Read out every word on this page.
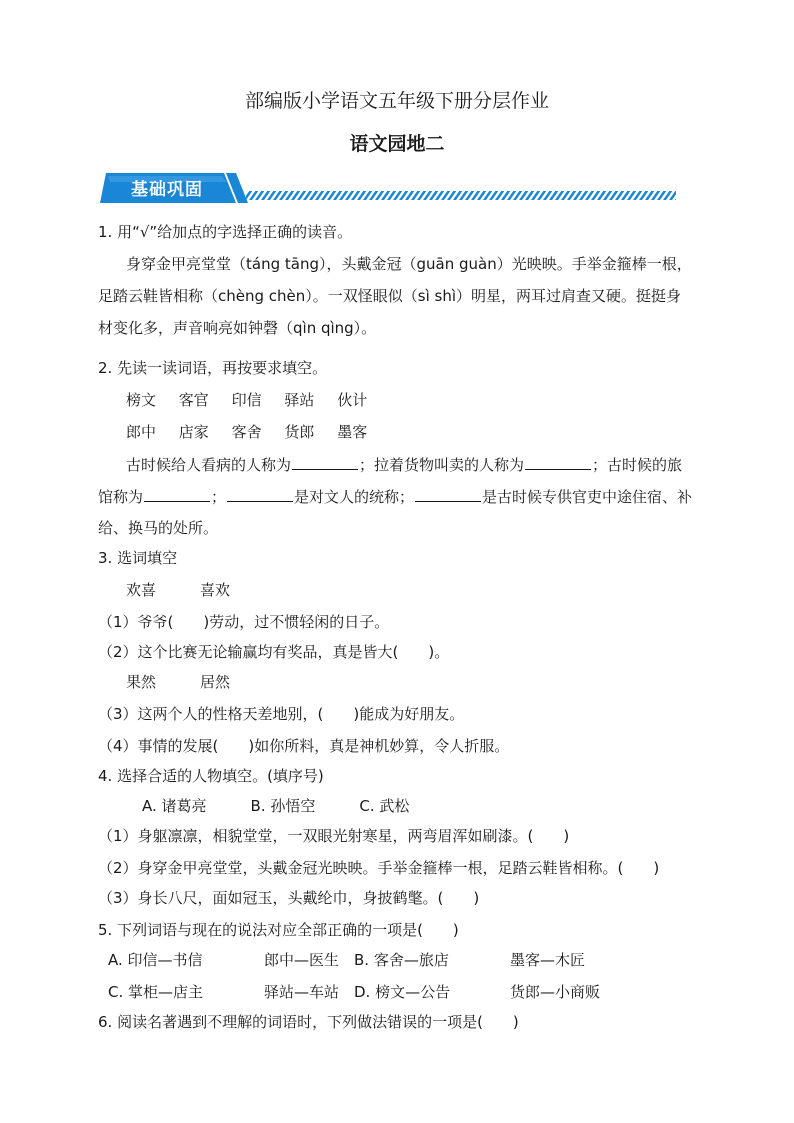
部编版小学语文五年级下册分层作业
语文园地二
基础巩固
1. 用“√”给加点的字选择正确的读音。
身穿金甲亮堂堂（táng tāng），头戴金冠（guān guàn）光映映。手举金箍棒一根，
足踏云鞋皆相称（chèng chèn）。一双怪眼似（sì shì）明星，两耳过肩查又硬。挺挺身
材变化多，声音响亮如钟磬（qìn qìng）。
2. 先读一读词语，再按要求填空。
榜文 客官 印信 驿站 伙计
郎中 店家 客舍 货郎 墨客
古时候给人看病的人称为	；拉着货物叫卖的人称为	；古时候的旅
馆称为	；	是对文人的统称；	是古时候专供官吏中途住宿、补
给、换马的处所。
3. 选词填空
欢喜	喜欢
（1）爷爷(　　)劳动，过不惯轻闲的日子。
（2）这个比赛无论输赢均有奖品，真是皆大(　　)。
果然	居然
（3）这两个人的性格天差地别，(　　)能成为好朋友。
（4）事情的发展(　　)如你所料，真是神机妙算，令人折服。
4. 选择合适的人物填空。(填序号)
A. 诸葛亮	B. 孙悟空	C. 武松
（1）身躯凛凛，相貌堂堂，一双眼光射寒星，两弯眉浑如刷漆。(　　)
（2）身穿金甲亮堂堂，头戴金冠光映映。手举金箍棒一根，足踏云鞋皆相称。(　　)
（3）身长八尺，面如冠玉，头戴纶巾，身披鹤氅。(　　)
5. 下列词语与现在的说法对应全部正确的一项是(　　)
A. 印信—书信	郎中—医生 B. 客舍—旅店	墨客—木匠
C. 掌柜—店主	驿站—车站 D. 榜文—公告	货郎—小商贩
6. 阅读名著遇到不理解的词语时，下列做法错误的一项是(　　)
